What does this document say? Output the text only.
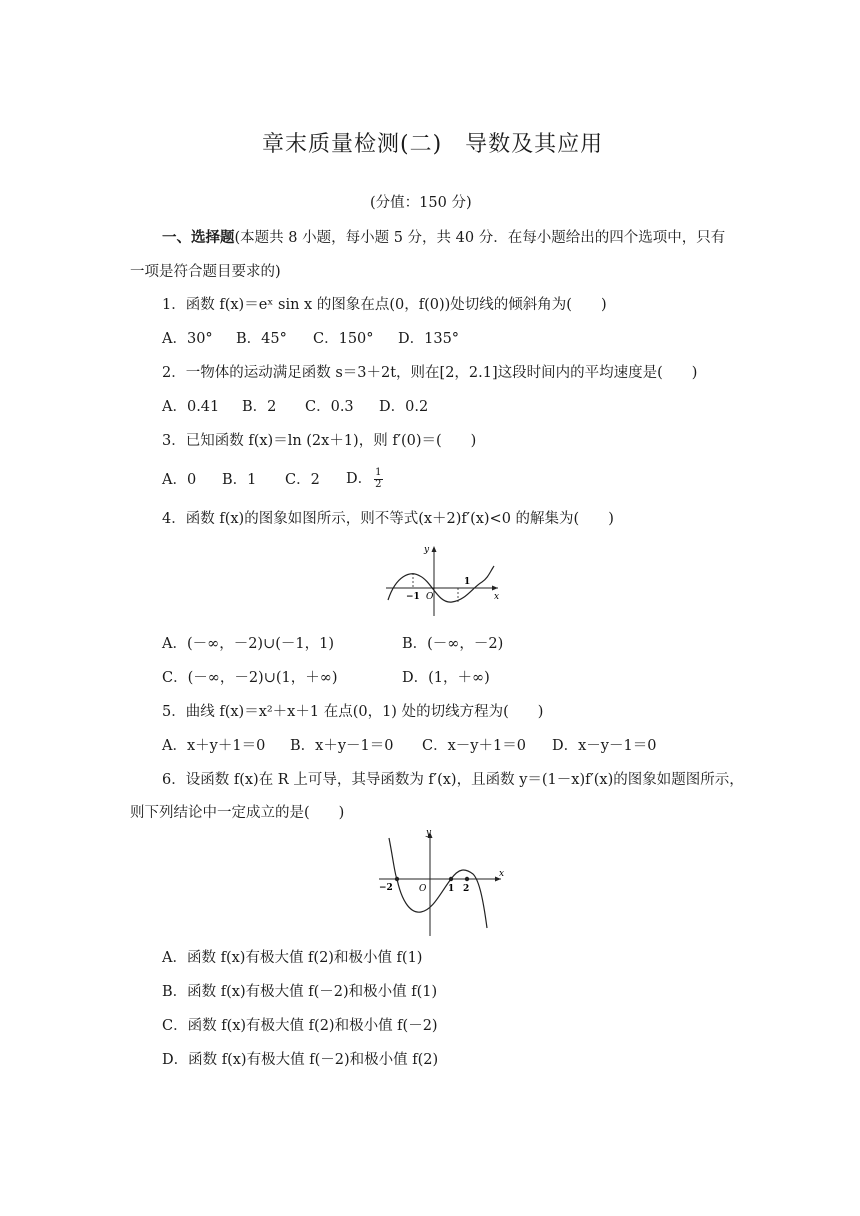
章末质量检测(二)　导数及其应用
(分值：150 分)
一、选择题(本题共 8 小题，每小题 5 分，共 40 分．在每小题给出的四个选项中，只有
一项是符合题目要求的)
1．函数 f(x)＝eˣ sin x 的图象在点(0，f(0))处切线的倾斜角为(　　)
A．30° B．45° C．150° D．135°
2．一物体的运动满足函数 s＝3＋2t，则在[2，2.1]这段时间内的平均速度是(　　)
A．0.41 B．2 C．0.3 D．0.2
3．已知函数 f(x)＝ln (2x＋1)，则 f′(0)＝(　　)
A．0 B．1 C．2 D． $\frac{1}{2}$
4．函数 f(x)的图象如图所示，则不等式(x＋2)f′(x)<0 的解集为(　　)
y
x
O
−1
1
A．(－∞，－2)∪(－1，1)	B．(－∞，－2)
C．(－∞，－2)∪(1，＋∞)	D．(1，＋∞)
5．曲线 f(x)＝x²＋x＋1 在点(0，1) 处的切线方程为(　　)
A．x＋y＋1＝0 B．x＋y－1＝0 C．x－y＋1＝0 D．x－y－1＝0
6．设函数 f(x)在 R 上可导，其导函数为 f′(x)，且函数 y＝(1－x)f′(x)的图象如题图所示，
则下列结论中一定成立的是(　　)
y
x
O
−2	1 2
A．函数 f(x)有极大值 f(2)和极小值 f(1)
B．函数 f(x)有极大值 f(－2)和极小值 f(1)
C．函数 f(x)有极大值 f(2)和极小值 f(－2)
D．函数 f(x)有极大值 f(－2)和极小值 f(2)
